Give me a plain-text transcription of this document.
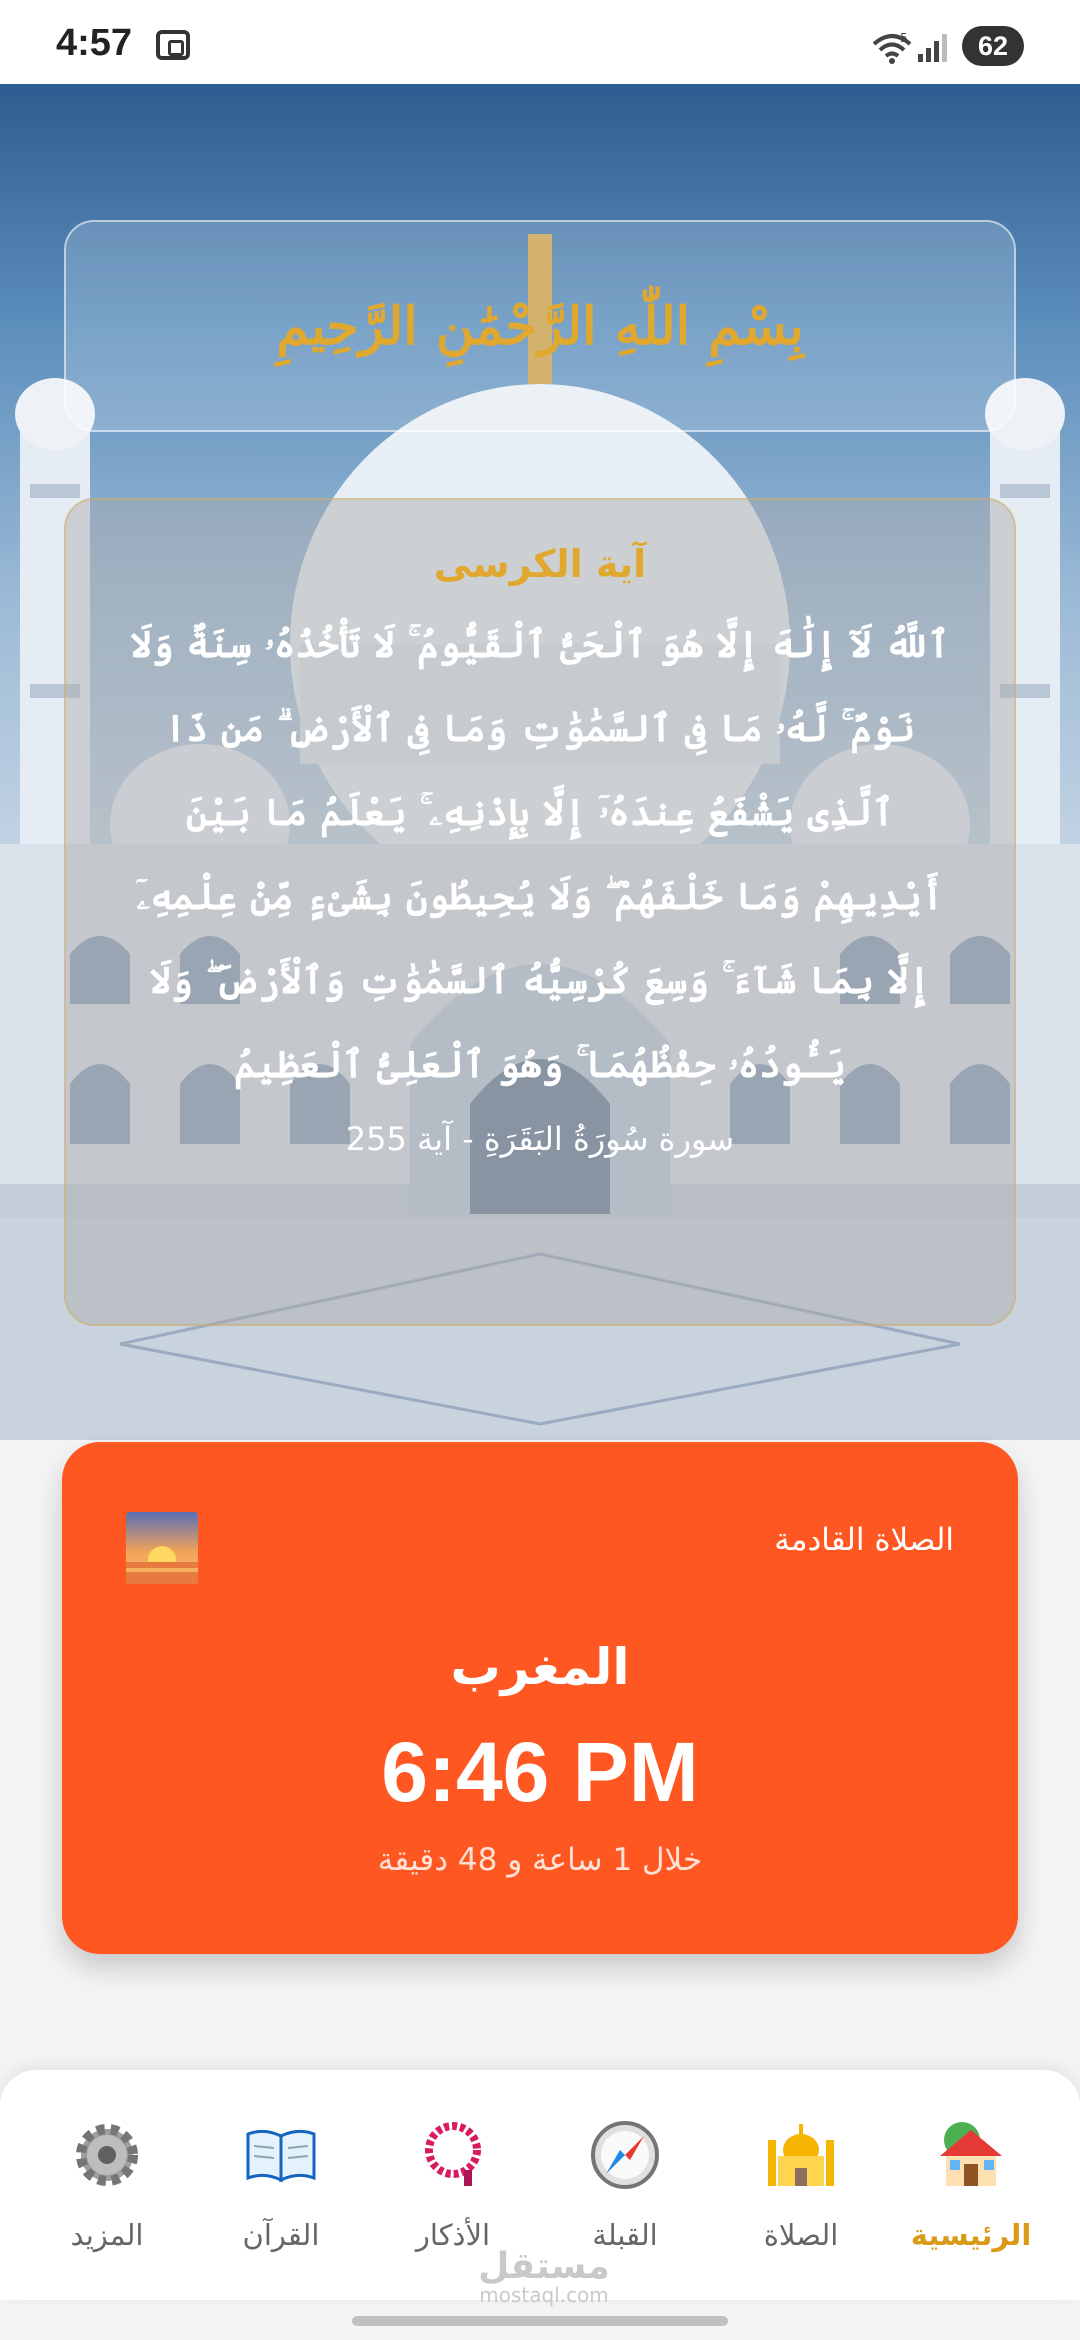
4:57	5	62
بِسْمِ اللّٰهِ الرَّحْمَٰنِ الرَّحِيمِ
آية الكرسى
ٱللَّهُ لَآ إِلَٰهَ إِلَّا هُوَ ٱلْحَىُّ ٱلْقَيُّومُ ۚ لَا تَأْخُذُهُۥ سِنَةٌ وَلَا نَوْمٌ ۚ لَّهُۥ مَا فِى ٱلسَّمَٰوَٰتِ وَمَا فِى ٱلْأَرْضِ ۗ مَن ذَا ٱلَّذِى يَشْفَعُ عِندَهُۥٓ إِلَّا بِإِذْنِهِۦ ۚ يَعْلَمُ مَا بَيْنَ أَيْدِيهِمْ وَمَا خَلْفَهُمْ ۖ وَلَا يُحِيطُونَ بِشَىْءٍ مِّنْ عِلْمِهِۦٓ إِلَّا بِمَا شَآءَ ۚ وَسِعَ كُرْسِيُّهُ ٱلسَّمَٰوَٰتِ وَٱلْأَرْضَ ۖ وَلَا يَـُٔودُهُۥ حِفْظُهُمَا ۚ وَهُوَ ٱلْعَلِىُّ ٱلْعَظِيمُ
سورة سُورَةُ البَقَرَةِ - آية 255
الصلاة القادمة
المغرب
6:46 PM
خلال 1 ساعة و 48 دقيقة
الرئيسية
الصلاة
القبلة
الأذكار
القرآن
المزيد
مستقل
mostaql.com
